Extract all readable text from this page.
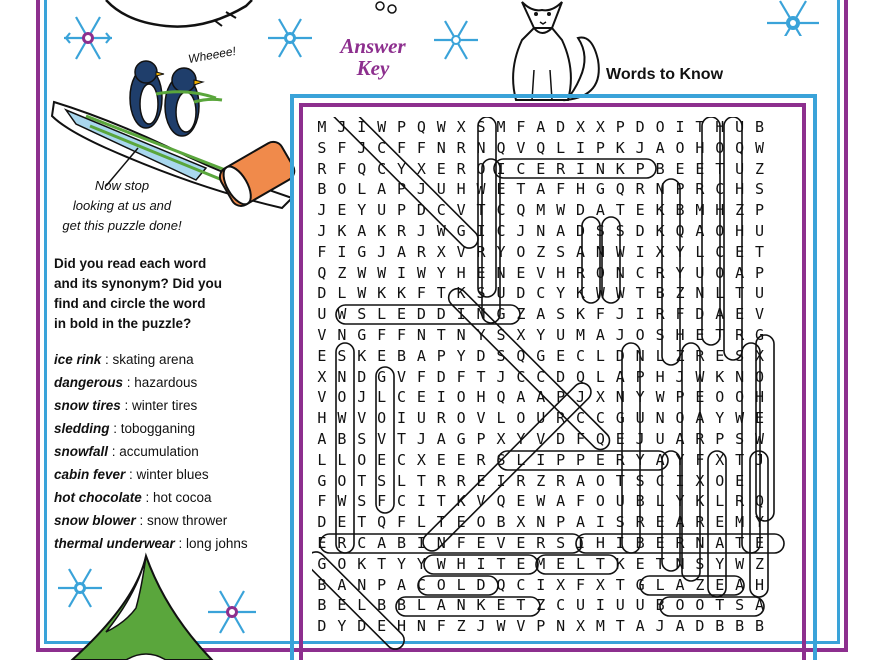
Answer
Key	Words to Know
Wheeee!
Now stop
looking at us and
get this puzzle done!
Did you read each word
and its synonym? Did you
find and circle the word
in bold in the puzzle?
ice rink : skating arena
dangerous : hazardous
snow tires : winter tires
sledding : tobogganing
snowfall : accumulation
cabin fever : winter blues
hot chocolate : hot cocoa
snow blower : snow thrower
thermal underwear : long johns
M J I W P Q W X S M F A D X X P D O I T H U B
S F J C F F N R N Q V Q L I P K J A O H O Q W
R F Q C Y X E R O I C E R I N K P B E E T U Z
B O L A P J U H W E T A F H G Q R N P R C H S
J E Y U P D C V T C Q M W D A T E K B M H Z P
J K A K R J W G I C J N A D S S D K Q A O H U
F I G J A R X V R Y O Z S A N W I X Y L C E T
Q Z W W I W Y H E N E V H R O N C R Y U O A P
D L W K K F T K S U D C Y K W W T B Z N L T U
U W S L E D D I N G Z A S K F J I R F D A E V
V N G F F N T N Y S X Y U M A J O S H E T R G
E S K E B A P Y D S Q G E C L D N L Z R E S X
X N D G V F D F T J C C D Q L A P H J W K N O
V O J L C E I O H Q A A P J X N Y W P E O O H
H W V O I U R O V L O U R C C G U N O A Y W E
A B S V T J A G P X Y V D F Q E J U A R P S W
L L O E C X E E R S L I P P E R Y A Y F X T J
G O T S L T R R E I R Z R A O T S C I X O E
F W S F C I T K V Q E W A F O U B L Y K L R Q
D E T Q F L T E O B X N P A I S R E A R E M Y
E R C A B I N F E V E R S I H I B E R N A T E
G O K T Y Y W H I T E M E L T K E T N S Y W Z
B A N P A C O L D Q C I X F X T G L A Z E A H
B E L B B L A N K E T Z C U I U U B O O T S A
D Y D E H N F Z J W V P N X M T A J A D B B B
